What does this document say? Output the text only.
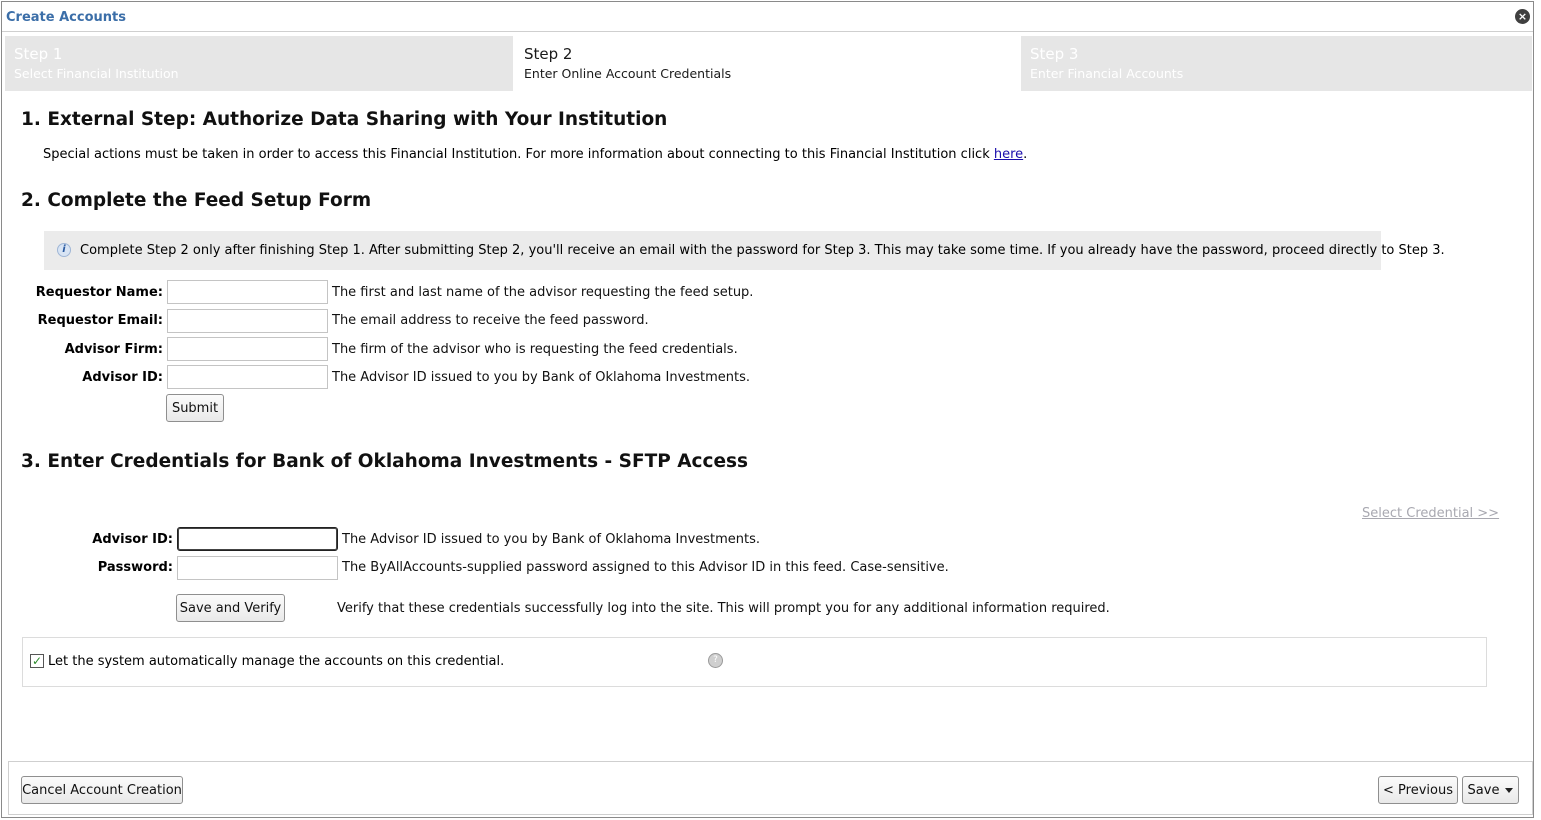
Create Accounts	×
Step 1
Select Financial Institution
Step 2
Enter Online Account Credentials
Step 3
Enter Financial Accounts
1. External Step: Authorize Data Sharing with Your Institution
Special actions must be taken in order to access this Financial Institution. For more information about connecting to this Financial Institution click here.
2. Complete the Feed Setup Form
i	Complete Step 2 only after finishing Step 1. After submitting Step 2, you'll receive an email with the password for Step 3. This may take some time. If you already have the password, proceed directly to Step 3.
Requestor Name:	The first and last name of the advisor requesting the feed setup.
Requestor Email:	The email address to receive the feed password.
Advisor Firm:	The firm of the advisor who is requesting the feed credentials.
Advisor ID:	The Advisor ID issued to you by Bank of Oklahoma Investments.
Submit
3. Enter Credentials for Bank of Oklahoma Investments - SFTP Access
Select Credential >>
Advisor ID:	The Advisor ID issued to you by Bank of Oklahoma Investments.
Password:	The ByAllAccounts-supplied password assigned to this Advisor ID in this feed. Case-sensitive.
Save and Verify	Verify that these credentials successfully log into the site. This will prompt you for any additional information required.
✓ Let the system automatically manage the accounts on this credential.	?
Cancel Account Creation	< Previous	Save
